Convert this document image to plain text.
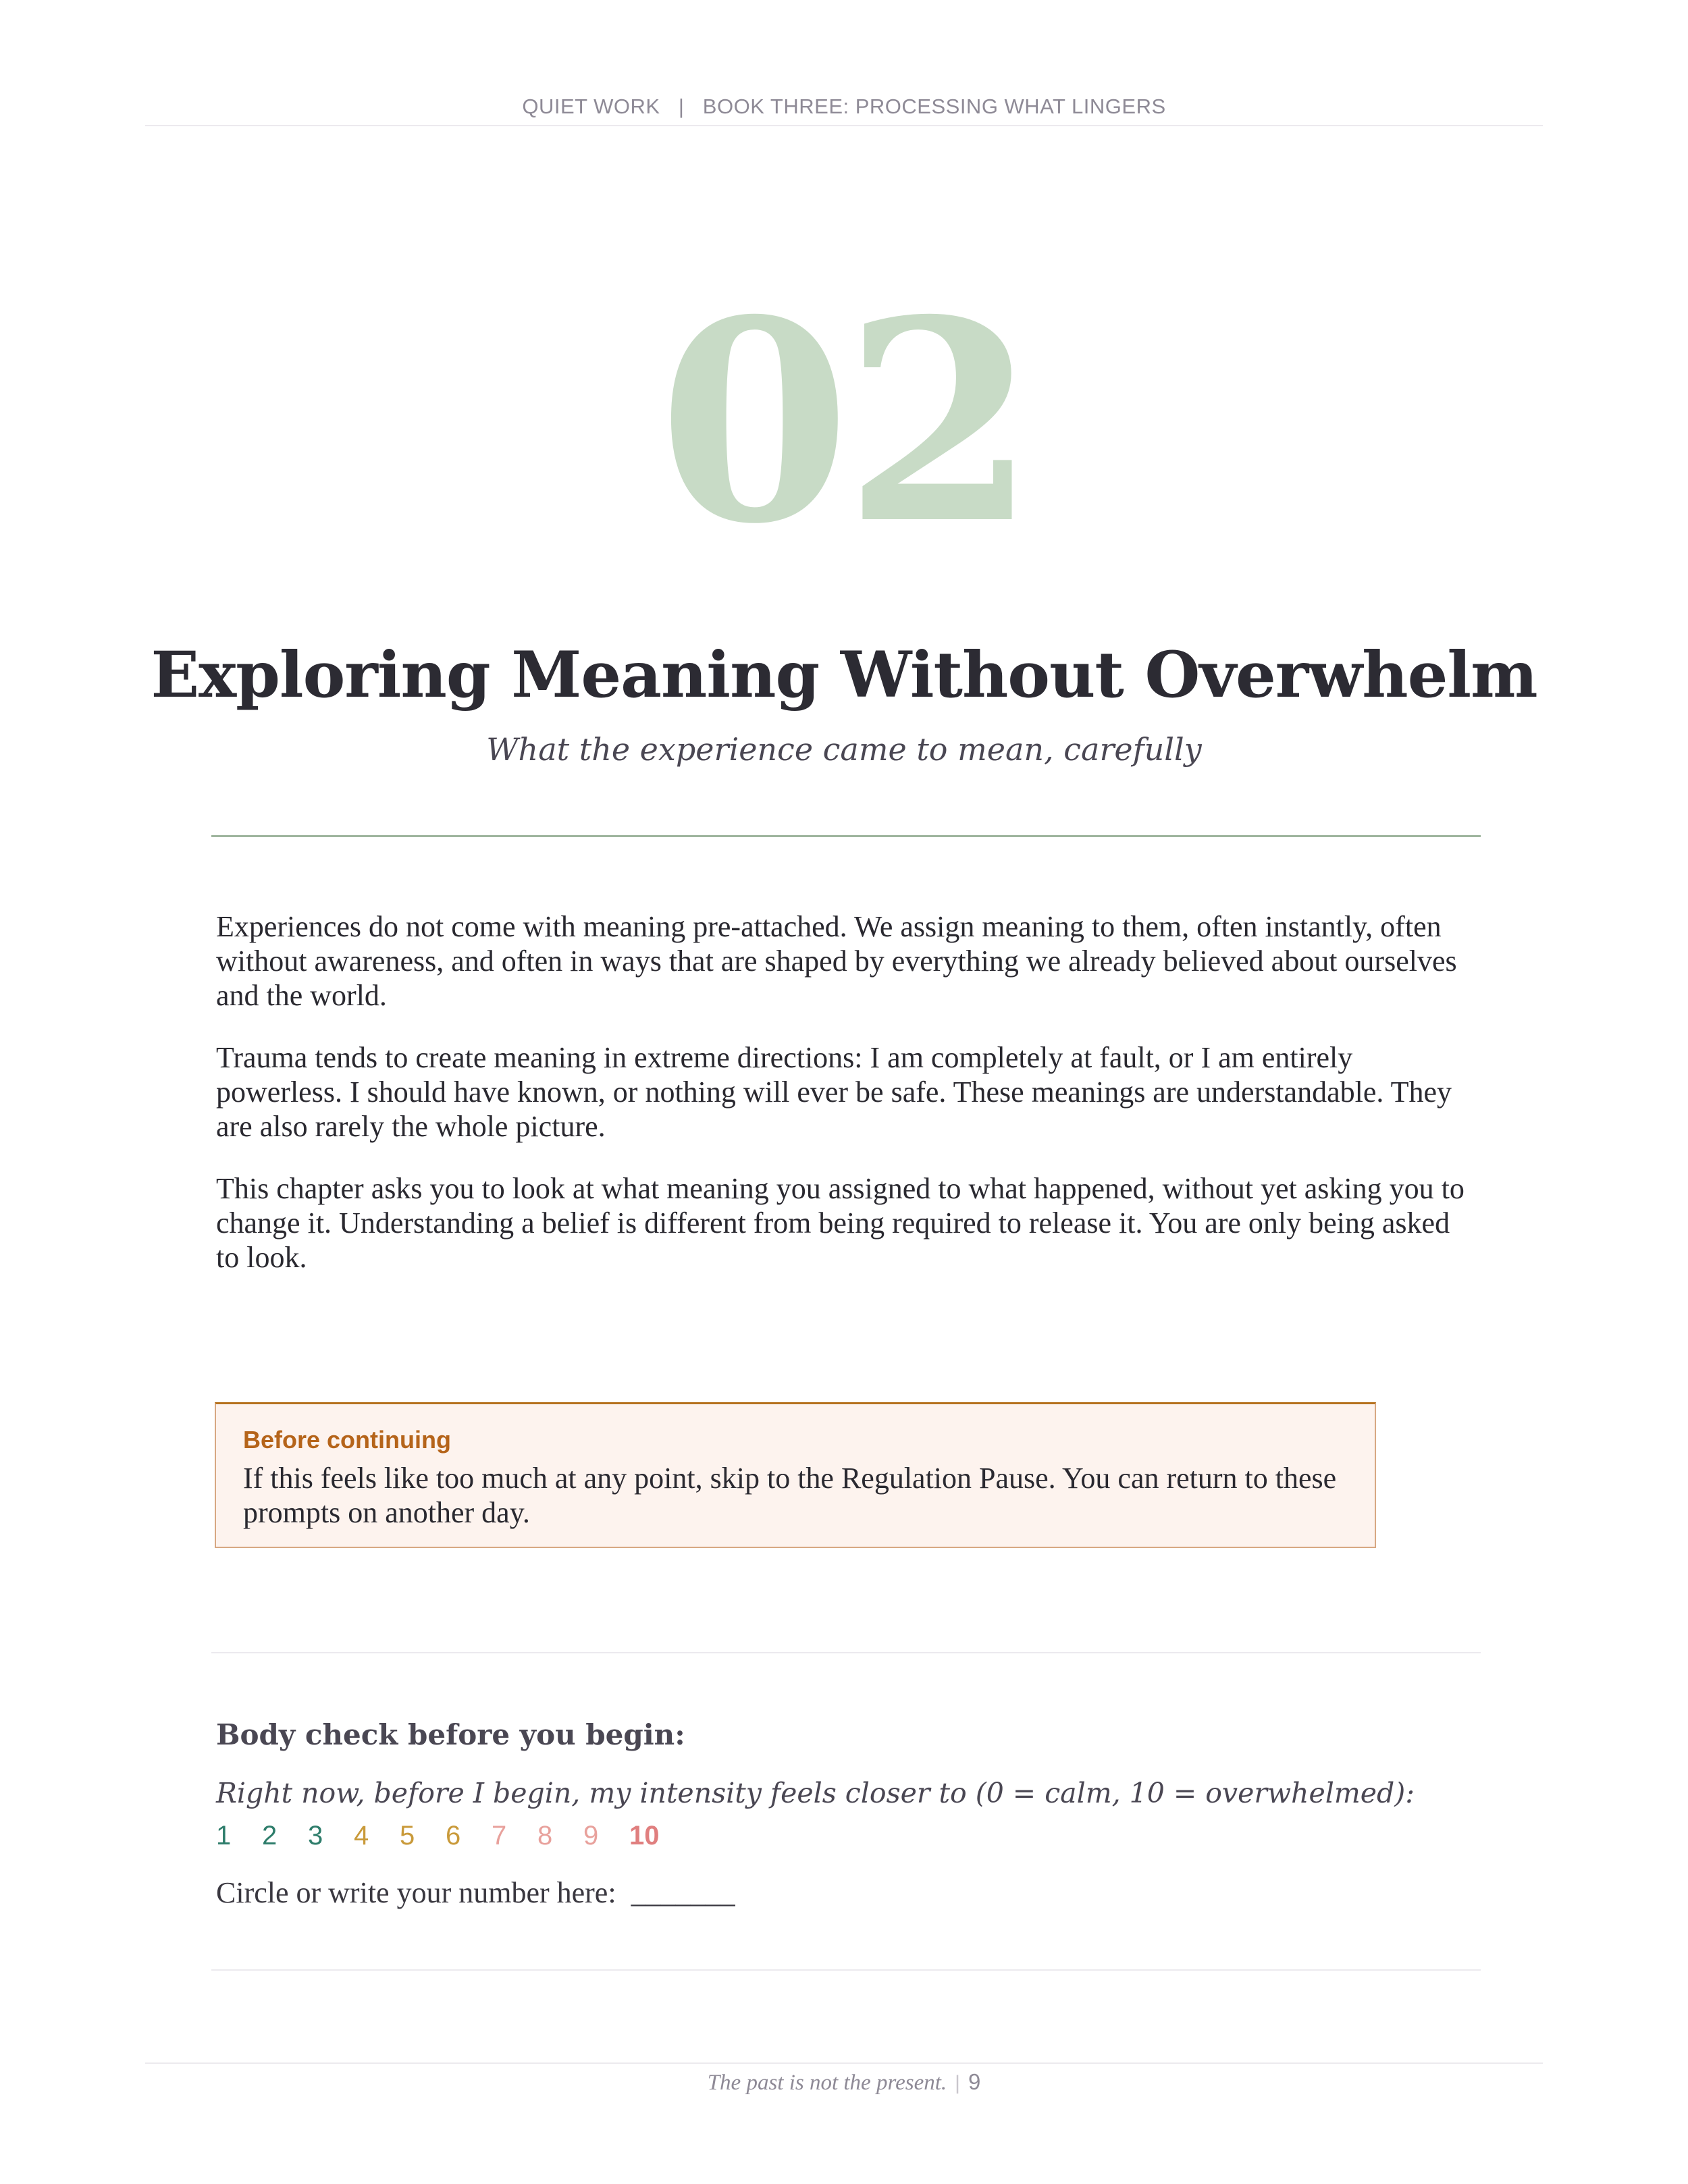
QUIET WORK | BOOK THREE: PROCESSING WHAT LINGERS
02
Exploring Meaning Without Overwhelm
What the experience came to mean, carefully

Experiences do not come with meaning pre-attached. We assign meaning to them, often instantly, often without awareness, and often in ways that are shaped by everything we already believed about ourselves and the world.

Trauma tends to create meaning in extreme directions: I am completely at fault, or I am entirely powerless. I should have known, or nothing will ever be safe. These meanings are understandable. They are also rarely the whole picture.

This chapter asks you to look at what meaning you assigned to what happened, without yet asking you to change it. Understanding a belief is different from being required to release it. You are only being asked to look.

Before continuing
If this feels like too much at any point, skip to the Regulation Pause. You can return to these prompts on another day.
Body check before you begin:
Right now, before I begin, my intensity feels closer to (0 = calm, 10 = overwhelmed):
1 2 3 4 5 6 7 8 9 10
Circle or write your number here: _______
The past is not the present. | 9
